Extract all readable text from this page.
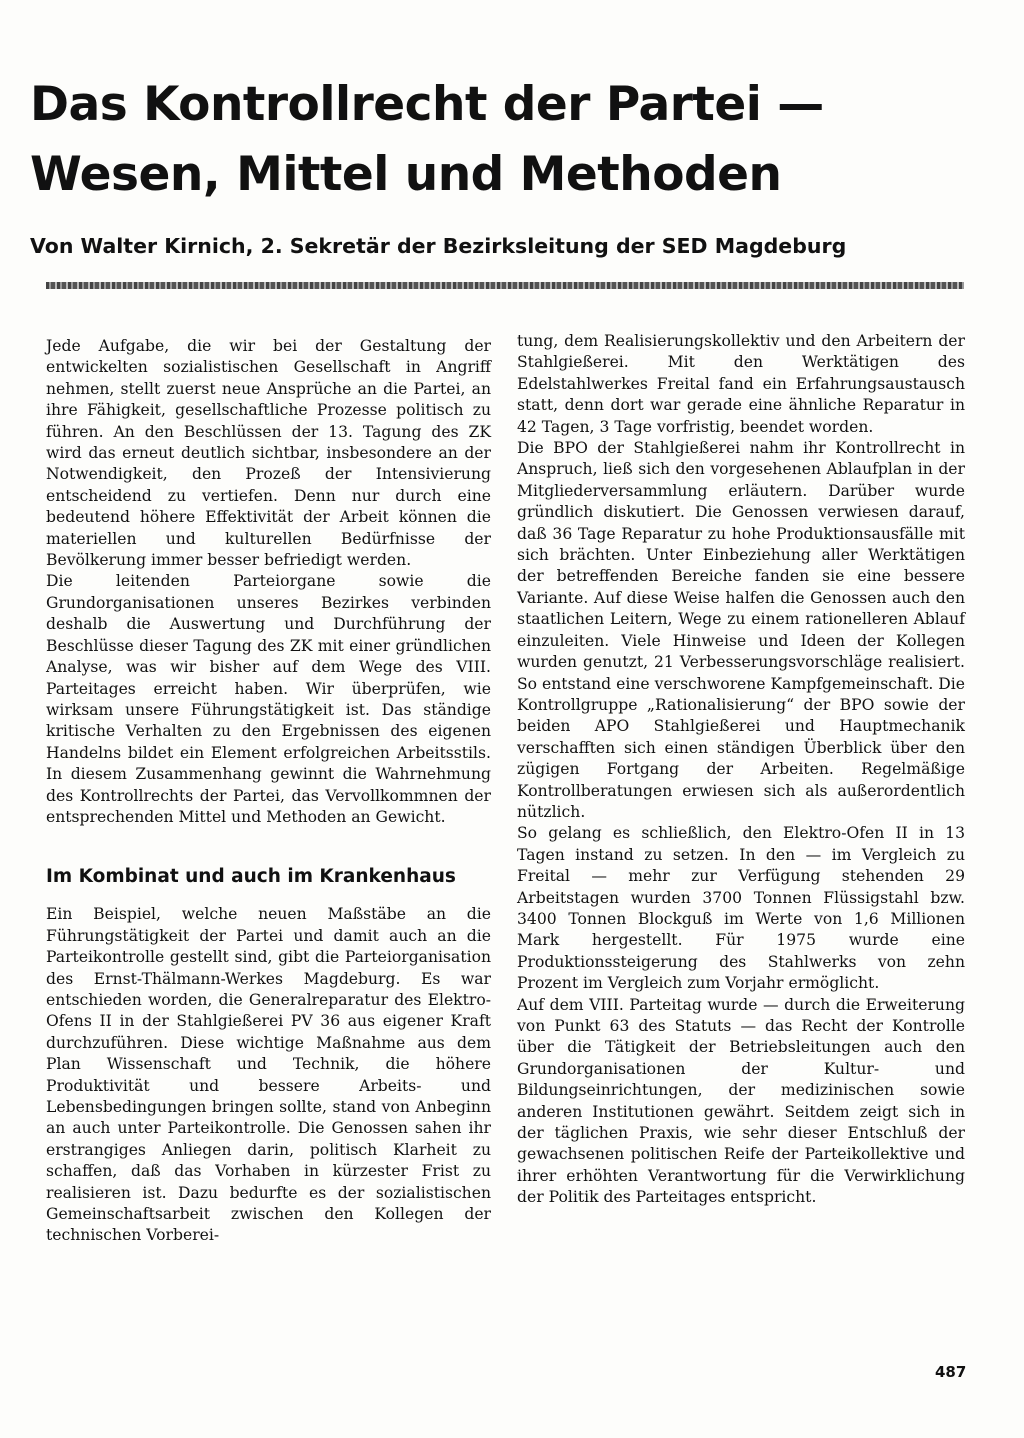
Das Kontrollrecht der Partei —
Wesen, Mittel und Methoden

Von Walter Kirnich, 2. Sekretär der Bezirksleitung der SED Magdeburg

Jede Aufgabe, die wir bei der Gestaltung der entwickelten sozialistischen Gesellschaft in Angriff nehmen, stellt zuerst neue Ansprüche an die Partei, an ihre Fähigkeit, gesellschaftliche Prozesse politisch zu führen. An den Beschlüssen der 13. Tagung des ZK wird das erneut deutlich sichtbar, insbesondere an der Notwendigkeit, den Prozeß der Intensivierung entscheidend zu vertiefen. Denn nur durch eine bedeutend höhere Effektivität der Arbeit können die materiellen und kulturellen Bedürfnisse der Bevölkerung immer besser befriedigt werden.

Die leitenden Parteiorgane sowie die Grundorganisationen unseres Bezirkes verbinden deshalb die Auswertung und Durchführung der Beschlüsse dieser Tagung des ZK mit einer gründlichen Analyse, was wir bisher auf dem Wege des VIII. Parteitages erreicht haben. Wir überprüfen, wie wirksam unsere Führungstätigkeit ist. Das ständige kritische Verhalten zu den Ergebnissen des eigenen Handelns bildet ein Element erfolgreichen Arbeitsstils. In diesem Zusammenhang gewinnt die Wahrnehmung des Kontrollrechts der Partei, das Vervollkommnen der entsprechenden Mittel und Methoden an Gewicht.

Im Kombinat und auch im Krankenhaus

Ein Beispiel, welche neuen Maßstäbe an die Führungstätigkeit der Partei und damit auch an die Parteikontrolle gestellt sind, gibt die Parteiorganisation des Ernst-Thälmann-Werkes Magdeburg. Es war entschieden worden, die Generalreparatur des Elektro-Ofens II in der Stahlgießerei PV 36 aus eigener Kraft durchzuführen. Diese wichtige Maßnahme aus dem Plan Wissenschaft und Technik, die höhere Produktivität und bessere Arbeits- und Lebensbedingungen bringen sollte, stand von Anbeginn an auch unter Parteikontrolle. Die Genossen sahen ihr erstrangiges Anliegen darin, politisch Klarheit zu schaffen, daß das Vorhaben in kürzester Frist zu realisieren ist. Dazu bedurfte es der sozialistischen Gemeinschaftsarbeit zwischen den Kollegen der technischen Vorberei-

tung, dem Realisierungskollektiv und den Arbeitern der Stahlgießerei. Mit den Werktätigen des Edelstahlwerkes Freital fand ein Erfahrungsaustausch statt, denn dort war gerade eine ähnliche Reparatur in 42 Tagen, 3 Tage vorfristig, beendet worden.

Die BPO der Stahlgießerei nahm ihr Kontrollrecht in Anspruch, ließ sich den vorgesehenen Ablaufplan in der Mitgliederversammlung erläutern. Darüber wurde gründlich diskutiert. Die Genossen verwiesen darauf, daß 36 Tage Reparatur zu hohe Produktionsausfälle mit sich brächten. Unter Einbeziehung aller Werktätigen der betreffenden Bereiche fanden sie eine bessere Variante. Auf diese Weise halfen die Genossen auch den staatlichen Leitern, Wege zu einem rationelleren Ablauf einzuleiten. Viele Hinweise und Ideen der Kollegen wurden genutzt, 21 Verbesserungsvorschläge realisiert. So entstand eine verschworene Kampfgemeinschaft. Die Kontrollgruppe „Rationalisierung“ der BPO sowie der beiden APO Stahlgießerei und Hauptmechanik verschafften sich einen ständigen Überblick über den zügigen Fortgang der Arbeiten. Regelmäßige Kontrollberatungen erwiesen sich als außerordentlich nützlich.

So gelang es schließlich, den Elektro-Ofen II in 13 Tagen instand zu setzen. In den — im Vergleich zu Freital — mehr zur Verfügung stehenden 29 Arbeitstagen wurden 3700 Tonnen Flüssigstahl bzw. 3400 Tonnen Blockguß im Werte von 1,6 Millionen Mark hergestellt. Für 1975 wurde eine Produktionssteigerung des Stahlwerks von zehn Prozent im Vergleich zum Vorjahr ermöglicht.

Auf dem VIII. Parteitag wurde — durch die Erweiterung von Punkt 63 des Statuts — das Recht der Kontrolle über die Tätigkeit der Betriebsleitungen auch den Grundorganisationen der Kultur- und Bildungseinrichtungen, der medizinischen sowie anderen Institutionen gewährt. Seitdem zeigt sich in der täglichen Praxis, wie sehr dieser Entschluß der gewachsenen politischen Reife der Parteikollektive und ihrer erhöhten Verantwortung für die Verwirklichung der Politik des Parteitages entspricht.

487
